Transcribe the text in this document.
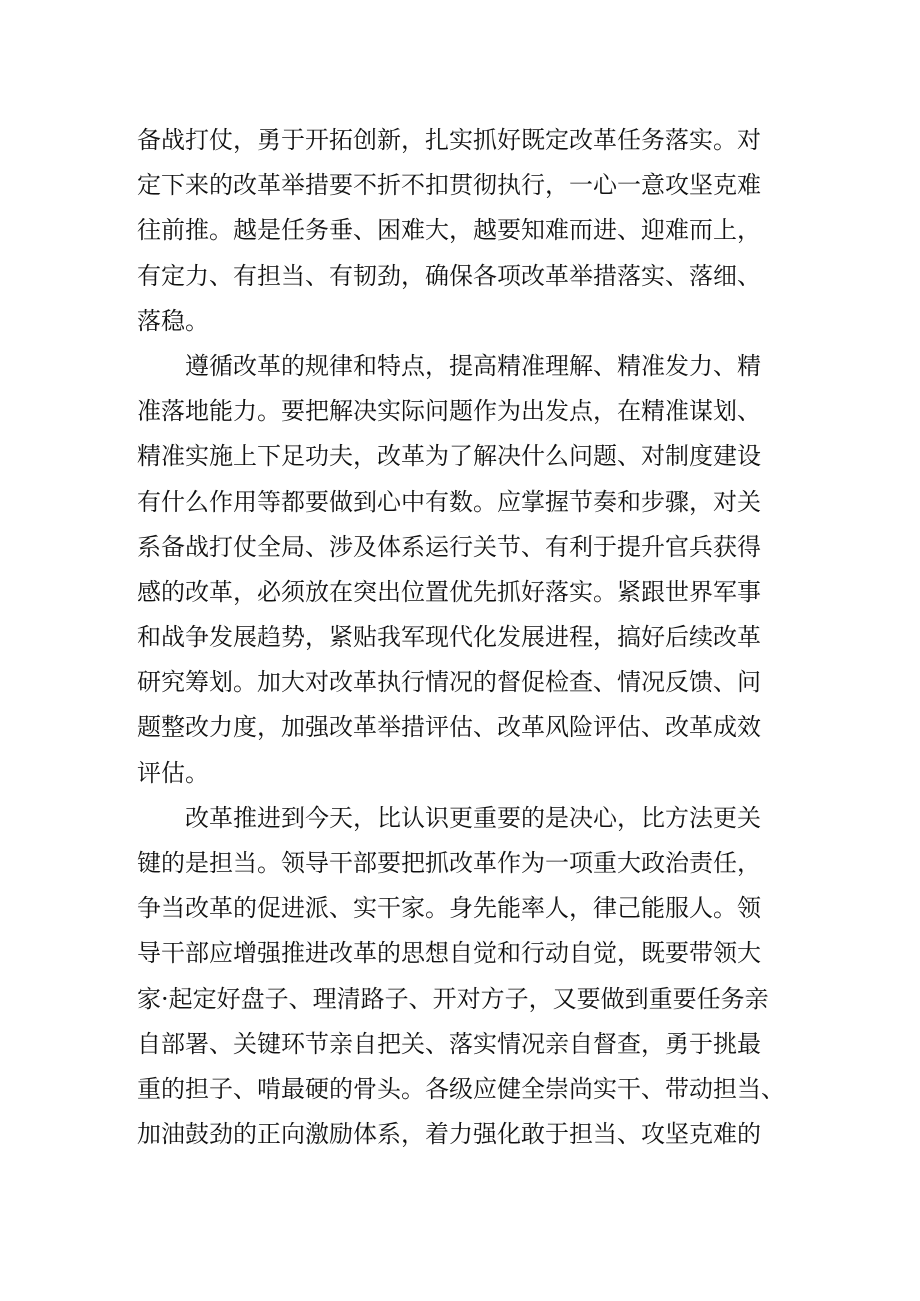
备战打仗，勇于开拓创新，扎实抓好既定改革任务落实。对
定下来的改革举措要不折不扣贯彻执行，一心一意攻坚克难
往前推。越是任务垂、困难大，越要知难而进、迎难而上，
有定力、有担当、有韧劲，确保各项改革举措落实、落细、
落稳。

遵循改革的规律和特点，提高精准理解、精准发力、精
准落地能力。要把解决实际问题作为出发点，在精准谋划、
精准实施上下足功夫，改革为了解决什么问题、对制度建设
有什么作用等都要做到心中有数。应掌握节奏和步骤，对关
系备战打仗全局、涉及体系运行关节、有利于提升官兵获得
感的改革，必须放在突出位置优先抓好落实。紧跟世界军事
和战争发展趋势，紧贴我军现代化发展进程，搞好后续改革
研究筹划。加大对改革执行情况的督促检查、情况反馈、问
题整改力度，加强改革举措评估、改革风险评估、改革成效
评估。

改革推进到今天，比认识更重要的是决心，比方法更关
键的是担当。领导干部要把抓改革作为一项重大政治责任，
争当改革的促进派、实干家。身先能率人，律己能服人。领
导干部应增强推进改革的思想自觉和行动自觉，既要带领大
家·起定好盘子、理清路子、开对方子，又要做到重要任务亲
自部署、关键环节亲自把关、落实情况亲自督查，勇于挑最
重的担子、啃最硬的骨头。各级应健全崇尚实干、带动担当、
加油鼓劲的正向激励体系，着力强化敢于担当、攻坚克难的
